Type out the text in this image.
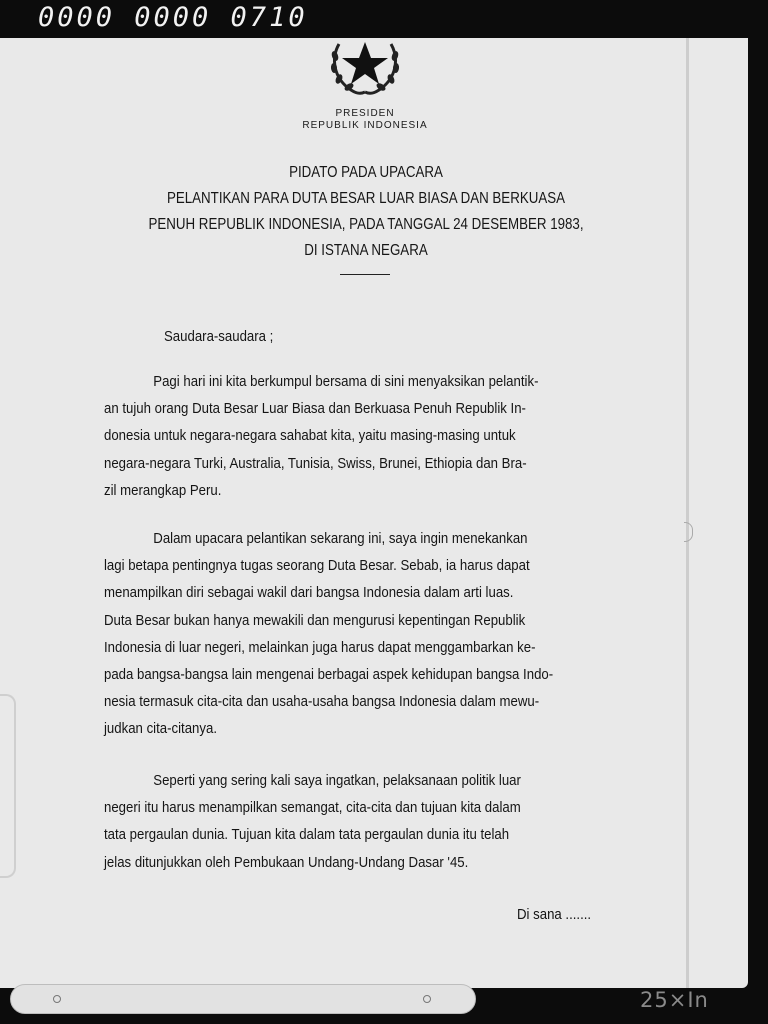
0000 0000 0710
PRESIDEN
REPUBLIK INDONESIA
PIDATO PADA UPACARA
PELANTIKAN PARA DUTA BESAR LUAR BIASA DAN BERKUASA
PENUH REPUBLIK INDONESIA, PADA TANGGAL 24 DESEMBER 1983,
DI ISTANA NEGARA
Saudara-saudara ;
Pagi hari ini kita berkumpul bersama di sini menyaksikan pelantik-
an tujuh orang Duta Besar Luar Biasa dan Berkuasa Penuh Republik In-
donesia untuk negara-negara sahabat kita, yaitu masing-masing untuk
negara-negara Turki, Australia, Tunisia, Swiss, Brunei, Ethiopia dan Bra-
zil merangkap Peru.
Dalam upacara pelantikan sekarang ini, saya ingin menekankan
lagi betapa pentingnya tugas seorang Duta Besar. Sebab, ia harus dapat
menampilkan diri sebagai wakil dari bangsa Indonesia dalam arti luas.
Duta Besar bukan hanya mewakili dan mengurusi kepentingan Republik
Indonesia di luar negeri, melainkan juga harus dapat menggambarkan ke-
pada bangsa-bangsa lain mengenai berbagai aspek kehidupan bangsa Indo-
nesia termasuk cita-cita dan usaha-usaha bangsa Indonesia dalam mewu-
judkan cita-citanya.
Seperti yang sering kali saya ingatkan, pelaksanaan politik luar
negeri itu harus menampilkan semangat, cita-cita dan tujuan kita dalam
tata pergaulan dunia. Tujuan kita dalam tata pergaulan dunia itu telah
jelas ditunjukkan oleh Pembukaan Undang-Undang Dasar '45.
Di sana .......
25×In
